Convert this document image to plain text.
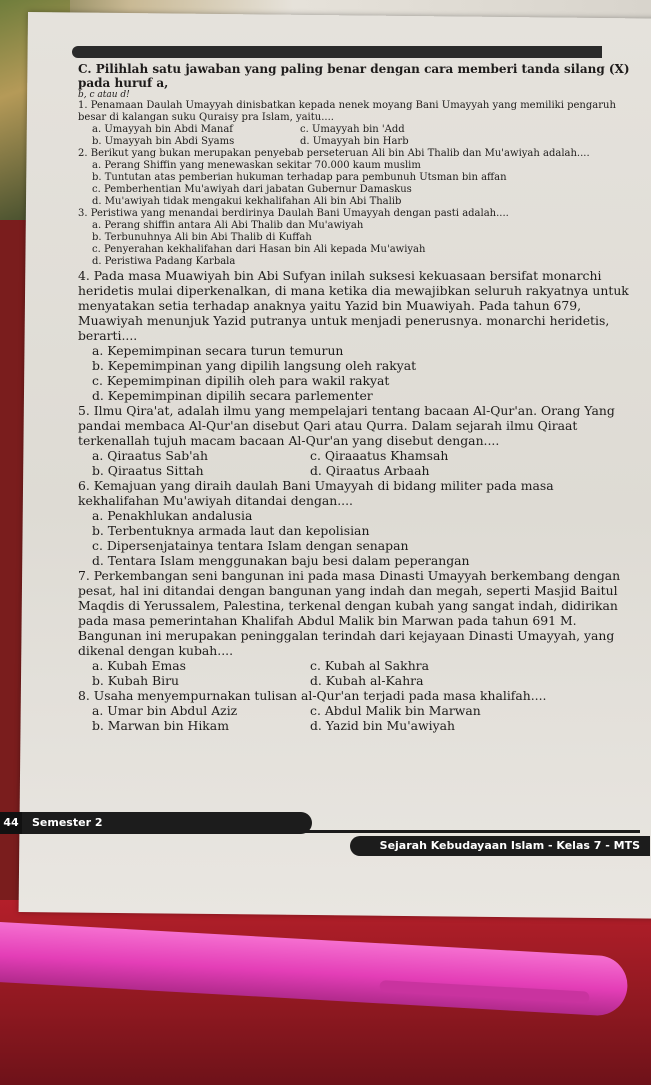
C. Pilihlah satu jawaban yang paling benar dengan cara memberi tanda silang (X) pada huruf a,
b, c atau d!
1. Penamaan Daulah Umayyah dinisbatkan kepada nenek moyang Bani Umayyah yang memiliki pengaruh besar di kalangan suku Quraisy pra Islam, yaitu....
a. Umayyah bin Abdi Manaf	c. Umayyah bin 'Add
b. Umayyah bin Abdi Syams	d. Umayyah bin Harb
2. Berikut yang bukan merupakan penyebab perseteruan Ali bin Abi Thalib dan Mu'awiyah adalah....
a. Perang Shiffin yang menewaskan sekitar 70.000 kaum muslim
b. Tuntutan atas pemberian hukuman terhadap para pembunuh Utsman bin affan
c. Pemberhentian Mu'awiyah dari jabatan Gubernur Damaskus
d. Mu'awiyah tidak mengakui kekhalifahan Ali bin Abi Thalib
3. Peristiwa yang menandai berdirinya Daulah Bani Umayyah dengan pasti adalah....
a. Perang shiffin antara Ali Abi Thalib dan Mu'awiyah
b. Terbunuhnya Ali bin Abi Thalib di Kuffah
c. Penyerahan kekhalifahan dari Hasan bin Ali kepada Mu'awiyah
d. Peristiwa Padang Karbala
4. Pada masa Muawiyah bin Abi Sufyan inilah suksesi kekuasaan bersifat monarchi heridetis mulai diperkenalkan, di mana ketika dia mewajibkan seluruh rakyatnya untuk menyatakan setia terhadap anaknya yaitu Yazid bin Muawiyah. Pada tahun 679, Muawiyah menunjuk Yazid putranya untuk menjadi penerusnya. monarchi heridetis, berarti....
a. Kepemimpinan secara turun temurun
b. Kepemimpinan yang dipilih langsung oleh rakyat
c. Kepemimpinan dipilih oleh para wakil rakyat
d. Kepemimpinan dipilih secara parlementer
5. Ilmu Qira'at, adalah ilmu yang mempelajari tentang bacaan Al-Qur'an. Orang Yang pandai membaca Al-Qur'an disebut Qari atau Qurra. Dalam sejarah ilmu Qiraat terkenallah tujuh macam bacaan Al-Qur'an yang disebut dengan....
a. Qiraatus Sab'ah	c. Qiraaatus Khamsah
b. Qiraatus Sittah	d. Qiraatus Arbaah
6. Kemajuan yang diraih daulah Bani Umayyah di bidang militer pada masa kekhalifahan Mu'awiyah ditandai dengan....
a. Penakhlukan andalusia
b. Terbentuknya armada laut dan kepolisian
c. Dipersenjatainya tentara Islam dengan senapan
d. Tentara Islam menggunakan baju besi dalam peperangan
7. Perkembangan seni bangunan ini pada masa Dinasti Umayyah berkembang dengan pesat, hal ini ditandai dengan bangunan yang indah dan megah, seperti Masjid Baitul Maqdis di Yerussalem, Palestina, terkenal dengan kubah yang sangat indah, didirikan pada masa pemerintahan Khalifah Abdul Malik bin Marwan pada tahun 691 M. Bangunan ini merupakan peninggalan terindah dari kejayaan Dinasti Umayyah, yang dikenal dengan kubah....
a. Kubah Emas	c. Kubah al Sakhra
b. Kubah Biru	d. Kubah al-Kahra
8. Usaha menyempurnakan tulisan al-Qur'an terjadi pada masa khalifah....
a. Umar bin Abdul Aziz	c. Abdul Malik bin Marwan
b. Marwan bin Hikam	d. Yazid bin Mu'awiyah
44	Semester 2
Sejarah Kebudayaan Islam - Kelas 7 - MTS
